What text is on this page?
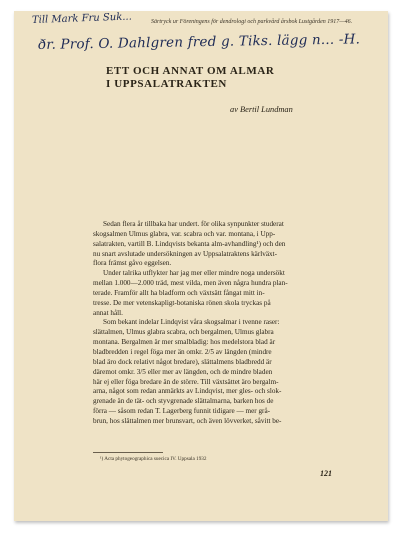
Till Mark Fru Suk...
ðr. Prof. O. Dahlgren fred g. Tiks. lägg n... -H.
Särtryck ur Föreningens för dendrologi och parkvård årsbok Lustgården 1917—46.
ETT OCH ANNAT OM ALMAR
I UPPSALATRAKTEN
av Bertil Lundman
Sedan flera år tillbaka har undert. för olika synpunkter studerat
skogsalmen Ulmus glabra, var. scabra och var. montana, i Upp-
salatrakten, vartill B. Lindqvists bekanta alm-avhandling¹) och den
nu snart avslutade undersökningen av Uppsalatraktens kärlväxt-
flora främst gåvo eggelsen.
Under talrika utflykter har jag mer eller mindre noga undersökt
mellan 1.000—2.000 träd, mest vilda, men även några hundra plan-
terade. Framför allt ha bladform och växtsätt fångat mitt in-
tresse. De mer vetenskapligt-botaniska rönen skola tryckas på
annat håll.
Som bekant indelar Lindqvist våra skogsalmar i tvenne raser:
slättalmen, Ulmus glabra scabra, och bergalmen, Ulmus glabra
montana. Bergalmen är mer smalbladig: hos medelstora blad är
bladbredden i regel föga mer än omkr. 2/5 av längden (mindre
blad äro dock relativt något bredare), slättalmens bladbredd är
däremot omkr. 3/5 eller mer av längden, och de mindre bladen
här ej eller föga bredare än de större. Till växtsättet äro bergalm-
arna, något som redan anmärkts av Lindqvist, mer gles- och slok-
grenade än de tät- och styvgrenade slättalmarna, barken hos de
förra — såsom redan T. Lagerberg funnit tidigare — mer grå-
brun, hos slättalmen mer brunsvart, och även lövverket, såvitt be-
¹) Acta phytogeographica suecica IV. Uppsala 1932
121
